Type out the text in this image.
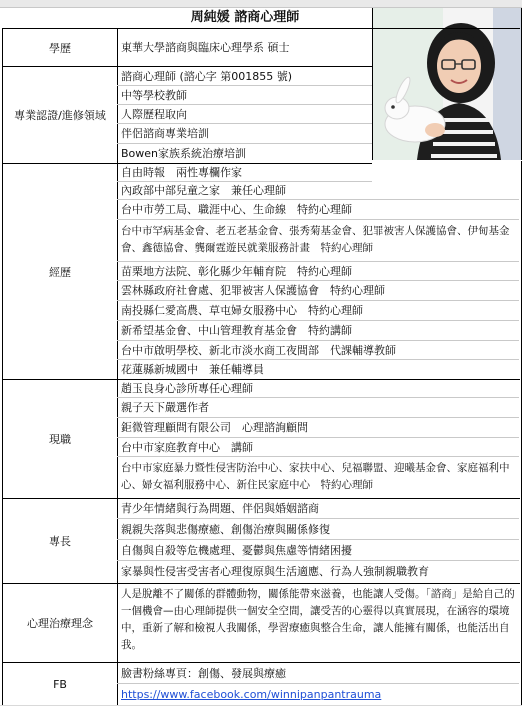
周純媛 諮商心理師
學歷	東華大學諮商與臨床心理學系 碩士
專業認證/進修領域
諮商心理師 (諮心字 第001855 號)
中等學校教師
人際歷程取向
伴侶諮商專業培訓
Bowen家族系統治療培訓
經歷
自由時報　兩性專欄作家
內政部中部兒童之家　兼任心理師
台中市勞工局、職涯中心、生命線　特約心理師
台中市罕病基金會、老五老基金會、張秀菊基金會、犯罪被害人保護協會、伊甸基金會、鑫德協會、龔爾霆遊民就業服務計畫　特約心理師
苗栗地方法院、彰化縣少年輔育院　特約心理師
雲林縣政府社會處、犯罪被害人保護協會　特約心理師
南投縣仁愛高農、草屯婦女服務中心　特約心理師
新希望基金會、中山管理教育基金會　特約講師
台中市啟明學校、新北市淡水商工夜間部　代課輔導教師
花蓮縣新城國中　兼任輔導員
現職
趙玉良身心診所專任心理師
親子天下嚴選作者
鉅微管理顧問有限公司　心理諮詢顧問
台中市家庭教育中心　講師
台中市家庭暴力暨性侵害防治中心、家扶中心、兒福聯盟、迎曦基金會、家庭福利中心、婦女福利服務中心、新住民家庭中心　特約心理師
專長
青少年情緒與行為問題、伴侶與婚姻諮商
親親失落與悲傷療癒、創傷治療與關係修復
自傷與自殺等危機處理、憂鬱與焦慮等情緒困擾
家暴與性侵害受害者心理復原與生活適應、行為人強制親職教育
心理治療理念
人是脫離不了關係的群體動物，關係能帶來滋養，也能讓人受傷。「諮商」是給自己的一個機會—由心理師提供一個安全空間，讓受苦的心靈得以真實展現，在涵容的環境中，重新了解和檢視人我關係，學習療癒與整合生命，讓人能擁有關係，也能活出自我。
FB
臉書粉絲專頁：創傷、發展與療癒
https://www.facebook.com/winnipanpantrauma
